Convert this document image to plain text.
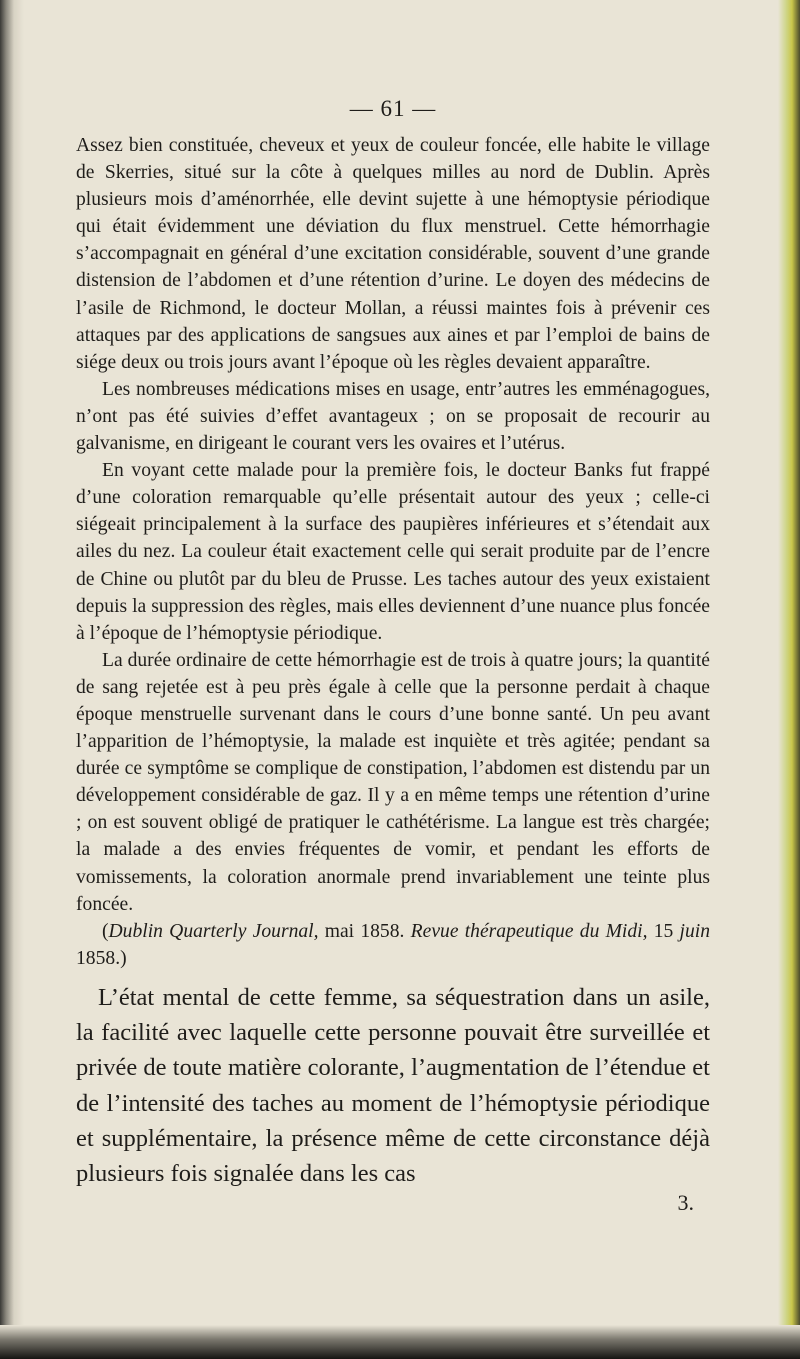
— 61 —

Assez bien constituée, cheveux et yeux de couleur foncée, elle habite le village de Skerries, situé sur la côte à quelques milles au nord de Dublin. Après plusieurs mois d’aménorrhée, elle devint sujette à une hémoptysie périodique qui était évidemment une déviation du flux menstruel. Cette hémorrhagie s’accompagnait en général d’une excitation considérable, souvent d’une grande distension de l’abdomen et d’une rétention d’urine. Le doyen des médecins de l’asile de Richmond, le docteur Mollan, a réussi maintes fois à prévenir ces attaques par des applications de sangsues aux aines et par l’emploi de bains de siége deux ou trois jours avant l’époque où les règles devaient apparaître.

Les nombreuses médications mises en usage, entr’autres les emménagogues, n’ont pas été suivies d’effet avantageux ; on se proposait de recourir au galvanisme, en dirigeant le courant vers les ovaires et l’utérus.

En voyant cette malade pour la première fois, le docteur Banks fut frappé d’une coloration remarquable qu’elle présentait autour des yeux ; celle-ci siégeait principalement à la surface des paupières inférieures et s’étendait aux ailes du nez. La couleur était exactement celle qui serait produite par de l’encre de Chine ou plutôt par du bleu de Prusse. Les taches autour des yeux existaient depuis la suppression des règles, mais elles deviennent d’une nuance plus foncée à l’époque de l’hémoptysie périodique.

La durée ordinaire de cette hémorrhagie est de trois à quatre jours; la quantité de sang rejetée est à peu près égale à celle que la personne perdait à chaque époque menstruelle survenant dans le cours d’une bonne santé. Un peu avant l’apparition de l’hémoptysie, la malade est inquiète et très agitée; pendant sa durée ce symptôme se complique de constipation, l’abdomen est distendu par un développement considérable de gaz. Il y a en même temps une rétention d’urine ; on est souvent obligé de pratiquer le cathétérisme. La langue est très chargée; la malade a des envies fréquentes de vomir, et pendant les efforts de vomissements, la coloration anormale prend invariablement une teinte plus foncée.

(Dublin Quarterly Journal, mai 1858. Revue thérapeutique du Midi, 15 juin 1858.)

L’état mental de cette femme, sa séquestration dans un asile, la facilité avec laquelle cette personne pouvait être surveillée et privée de toute matière colorante, l’augmentation de l’étendue et de l’intensité des taches au moment de l’hémoptysie périodique et supplémentaire, la présence même de cette circonstance déjà plusieurs fois signalée dans les cas

3.
